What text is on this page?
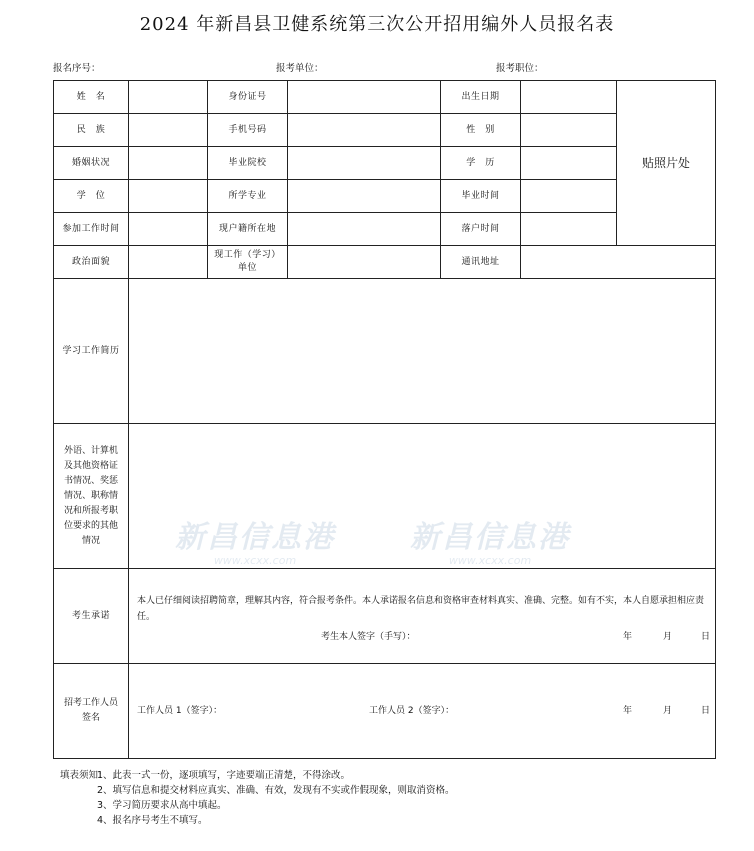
2024 年新昌县卫健系统第三次公开招用编外人员报名表
报名序号：	报考单位：	报考职位：
姓　名		身份证号		出生日期		贴照片处
民　族		手机号码		性　别		
婚姻状况		毕业院校		学　历		
学　位		所学专业		毕业时间		
参加工作时间		现户籍所在地		落户时间		
政治面貌		现工作（学习）单位		通讯地址		
学习工作简历						
外语、计算机及其他资格证书情况、奖惩情况、职称情况和所报考职位要求的其他情况						
考生承诺	本人已仔细阅读招聘简章，理解其内容，符合报考条件。本人承诺报名信息和资格审查材料真实、准确、完整。如有不实，本人自愿承担相应责任。
考生本人签字（手写）： 年 月 日					

招考工作人员签名	工作人员 1（签字）： 工作人员 2（签字）： 年 月 日					
新昌信息港
www.xcxx.com
新昌信息港
www.xcxx.com
填表须知：1、此表一式一份，逐项填写，字迹要端正清楚，不得涂改。
2、填写信息和提交材料应真实、准确、有效，发现有不实或作假现象，则取消资格。
3、学习简历要求从高中填起。
4、报名序号考生不填写。
